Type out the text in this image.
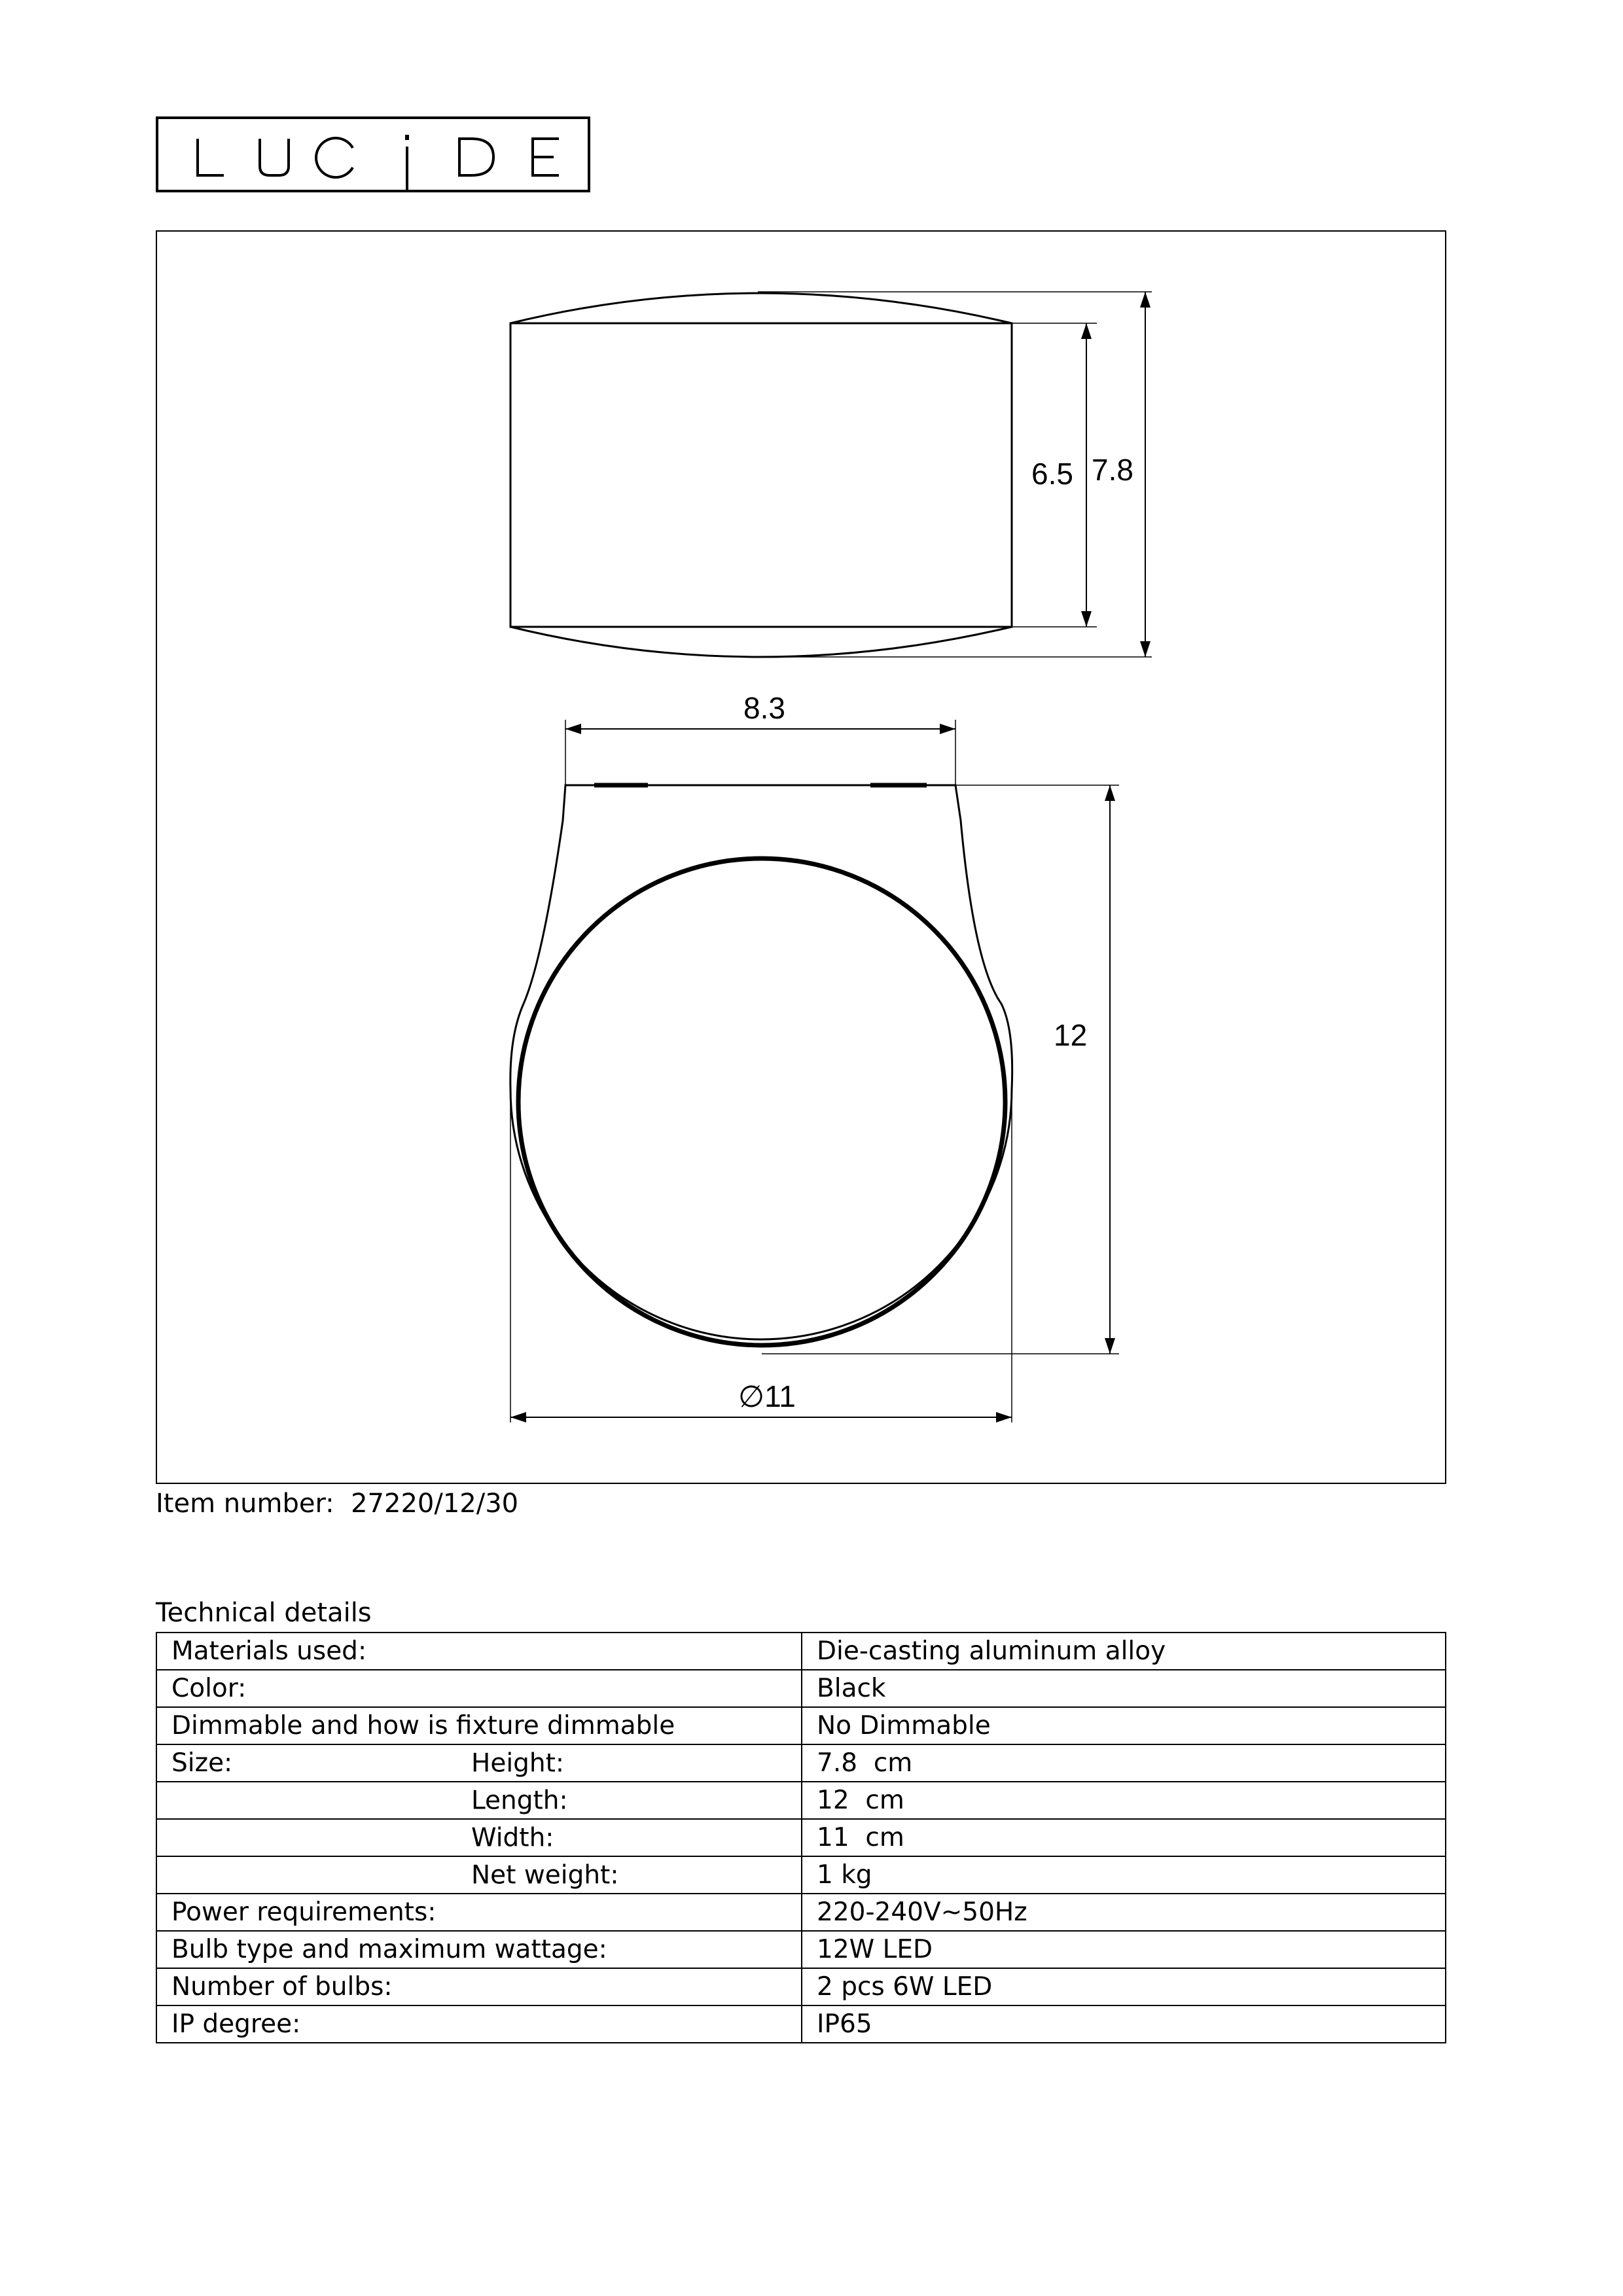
6.5 7.8
8.3
12
∅11
Item number: 27220/12/30
Technical details
Materials used:	Die-casting aluminum alloy
Color:	Black
Dimmable and how is fixture dimmable	No Dimmable
Size: Height:	7.8  cm

Length:	12  cm

Width:	11  cm

Net weight:	1 kg
Power requirements:	220-240V~50Hz
Bulb type and maximum wattage:	12W LED
Number of bulbs:	2 pcs 6W LED
IP degree:	IP65
